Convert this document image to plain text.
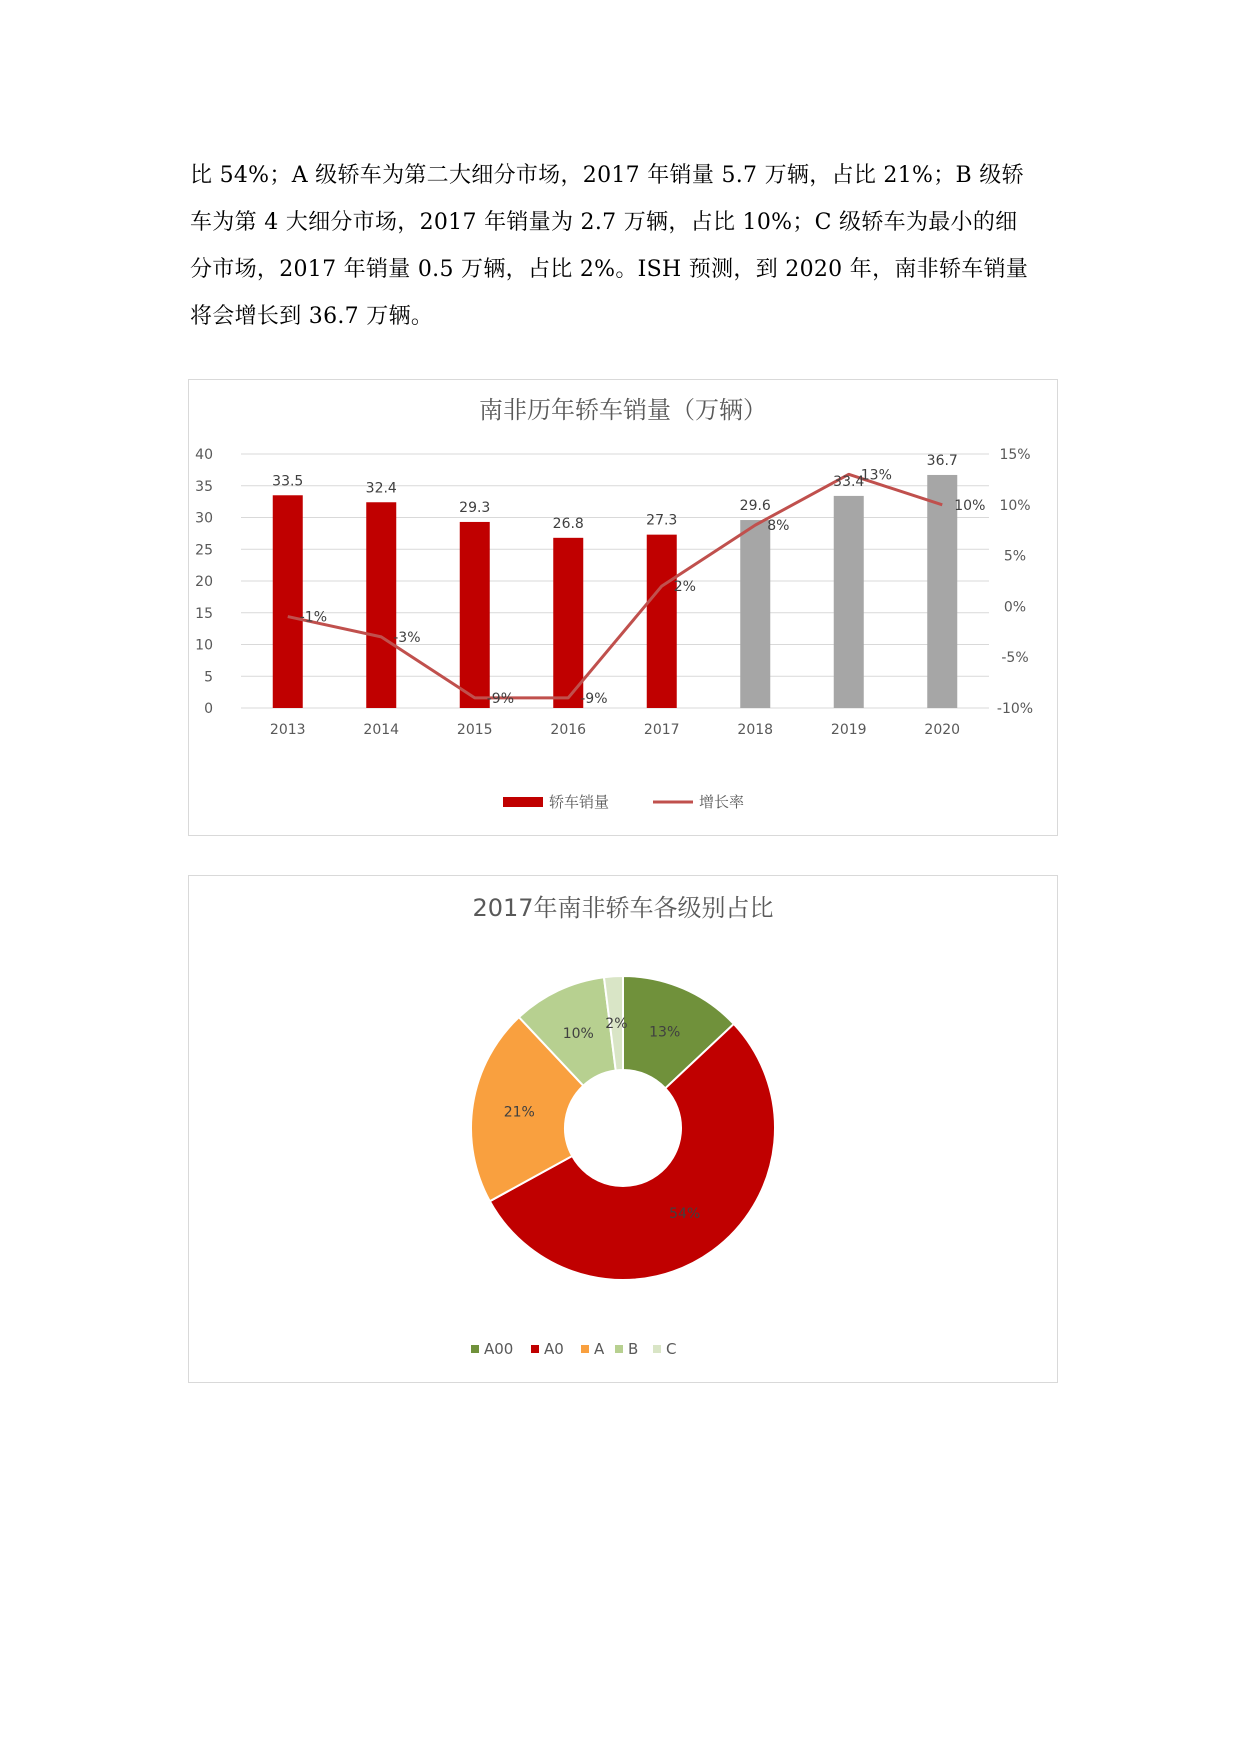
比 54%；A 级轿车为第二大细分市场，2017 年销量 5.7 万辆，占比 21%；B 级轿

车为第 4 大细分市场，2017 年销量为 2.7 万辆，占比 10%；C 级轿车为最小的细

分市场，2017 年销量 0.5 万辆，占比 2%。ISH 预测，到 2020 年，南非轿车销量

将会增长到 36.7 万辆。

南非历年轿车销量（万辆）
0
5
10
15
20
25
30
35
40
-10%
-5%
0%
5%
10%
15%
2013	2014	2015	2016	2017	2018	2019	2020
33.5	32.4
29.3
26.8	27.3
29.6
33.4
36.7
-1%
-3%
-9%	-9%
2%
8%
13%
10%
轿车销量	增长率
2017年南非轿车各级别占比
13%
54%
21%
10%
2%
A00 A0 A B C
